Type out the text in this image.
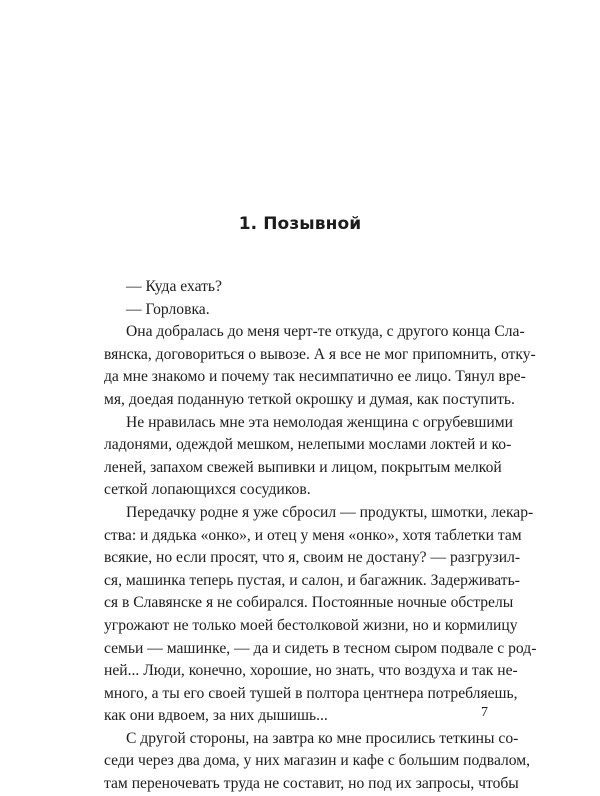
1. Позывной
— Куда ехать?
— Горловка.
Она добралась до меня черт-те откуда, с другого конца Сла-
вянска, договориться о вывозе. А я все не мог припомнить, отку-
да мне знакомо и почему так несимпатично ее лицо. Тянул вре-
мя, доедая поданную теткой окрошку и думая, как поступить.
Не нравилась мне эта немолодая женщина с огрубевшими
ладонями, одеждой мешком, нелепыми мослами локтей и ко-
леней, запахом свежей выпивки и лицом, покрытым мелкой
сеткой лопающихся сосудиков.
Передачку родне я уже сбросил — продукты, шмотки, лекар-
ства: и дядька «онко», и отец у меня «онко», хотя таблетки там
всякие, но если просят, что я, своим не достану? — разгрузил-
ся, машинка теперь пустая, и салон, и багажник. Задерживать-
ся в Славянске я не собирался. Постоянные ночные обстрелы
угрожают не только моей бестолковой жизни, но и кормилицу
семьи — машинке, — да и сидеть в тесном сыром подвале с род-
ней... Люди, конечно, хорошие, но знать, что воздуха и так не-
много, а ты его своей тушей в полтора центнера потребляешь,
как они вдвоем, за них дышишь...
С другой стороны, на завтра ко мне просились теткины со-
седи через два дома, у них магазин и кафе с большим подвалом,
там переночевать труда не составит, но под их запросы, чтобы
7
